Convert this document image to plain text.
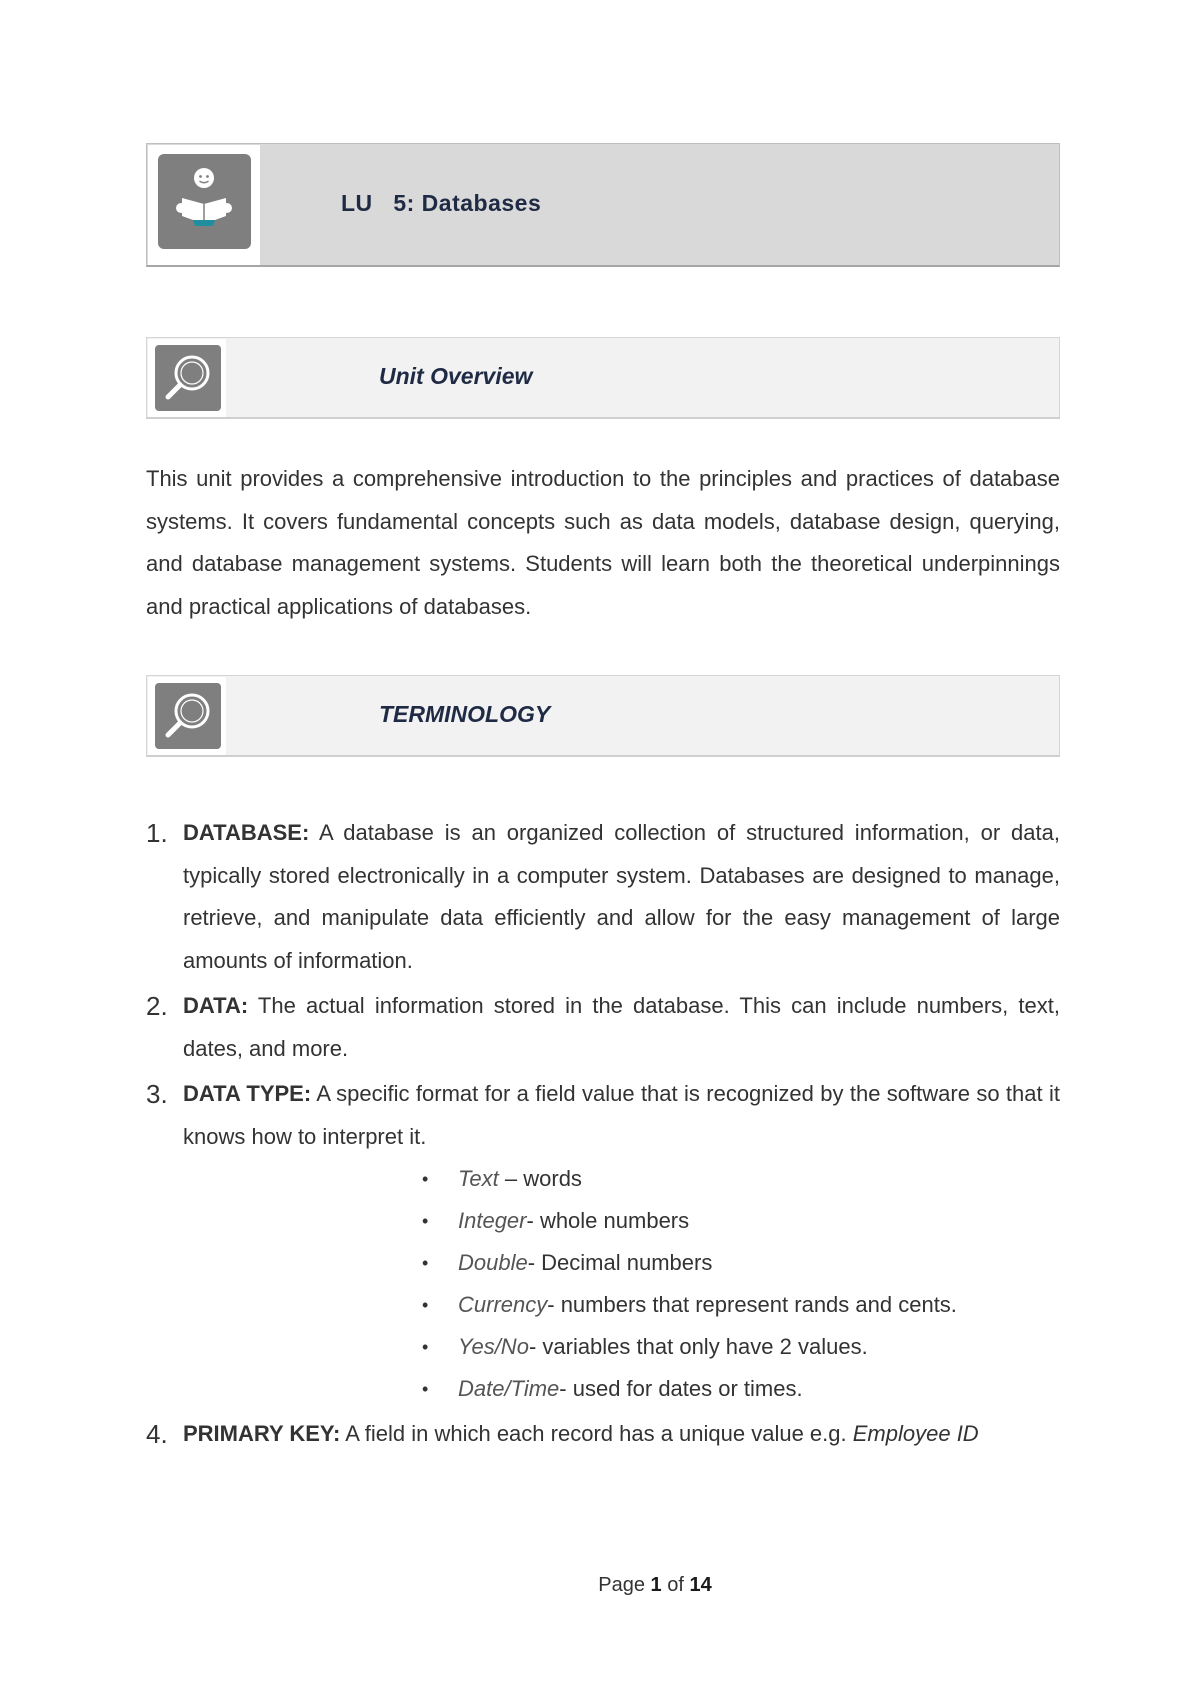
LU   5: Databases
Unit Overview

This unit provides a comprehensive introduction to the principles and practices of database systems. It covers fundamental concepts such as data models, database design, querying, and database management systems. Students will learn both the theoretical underpinnings and practical applications of databases.

TERMINOLOGY
1. DATABASE: A database is an organized collection of structured information, or data, typically stored electronically in a computer system. Databases are designed to manage, retrieve, and manipulate data efficiently and allow for the easy management of large amounts of information.
2. DATA: The actual information stored in the database. This can include numbers, text, dates, and more.
3. DATA TYPE: A specific format for a field value that is recognized by the software so that it knows how to interpret it.
• Text – words
• Integer- whole numbers
• Double- Decimal numbers
• Currency- numbers that represent rands and cents.
• Yes/No- variables that only have 2 values.
• Date/Time- used for dates or times.
4. PRIMARY KEY: A field in which each record has a unique value e.g. Employee ID
Page 1 of 14
